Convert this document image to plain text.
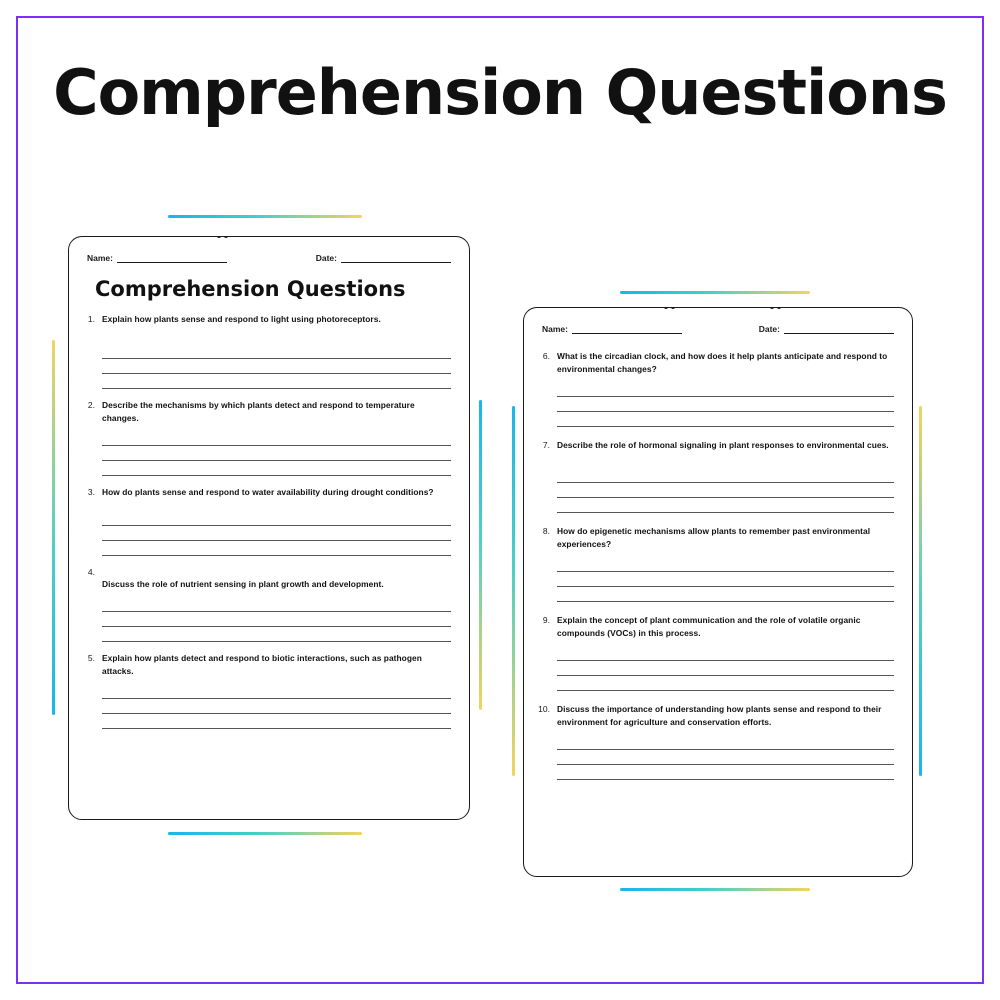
Comprehension Questions
Name:	Date:
Comprehension Questions
1. Explain how plants sense and respond to light using photoreceptors.
2. Describe the mechanisms by which plants detect and respond to temperature changes.
3. How do plants sense and respond to water availability during drought conditions?
4.
Discuss the role of nutrient sensing in plant growth and development.
5. Explain how plants detect and respond to biotic interactions, such as pathogen attacks.
Name:	Date:
6. What is the circadian clock, and how does it help plants anticipate and respond to environmental changes?
7. Describe the role of hormonal signaling in plant responses to environmental cues.
8. How do epigenetic mechanisms allow plants to remember past environmental experiences?
9. Explain the concept of plant communication and the role of volatile organic compounds (VOCs) in this process.
10. Discuss the importance of understanding how plants sense and respond to their environment for agriculture and conservation efforts.
